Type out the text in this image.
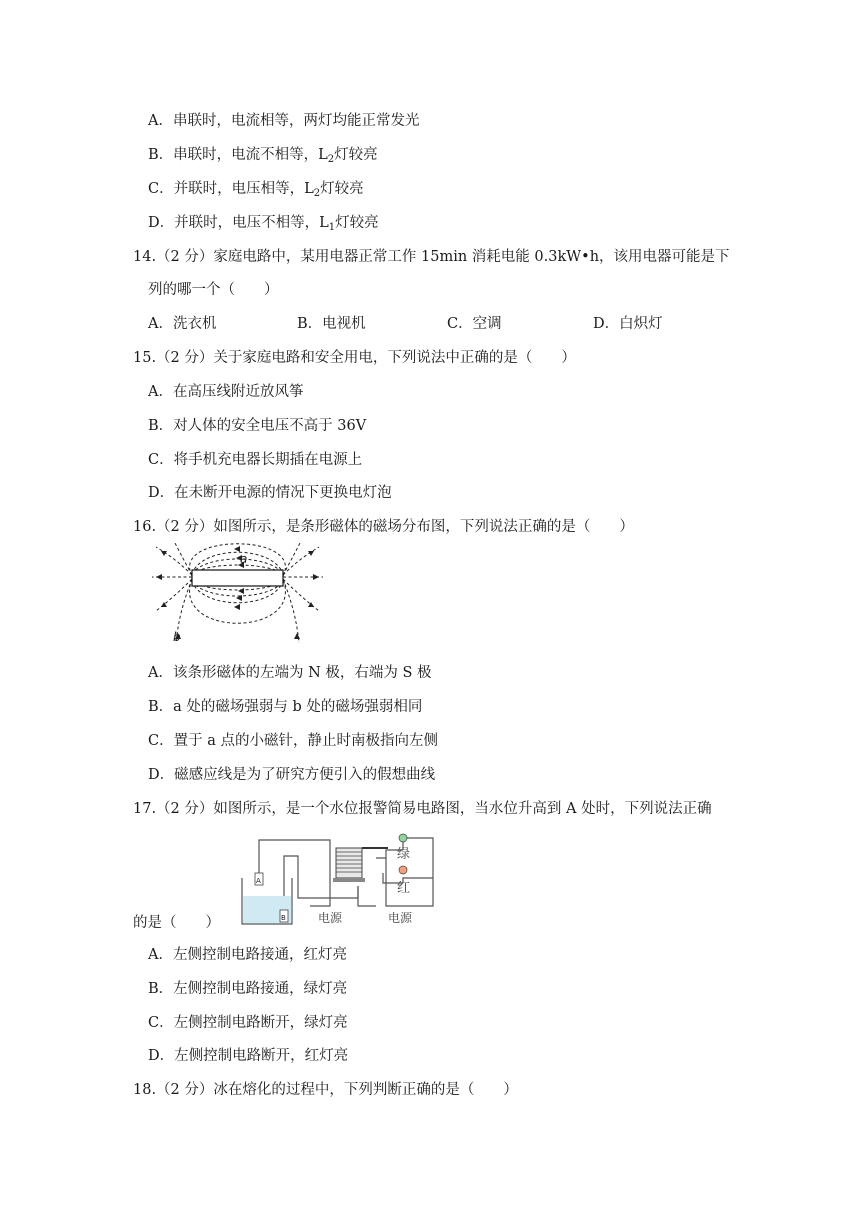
A．串联时，电流相等，两灯均能正常发光
B．串联时，电流不相等，$L_2$灯较亮
C．并联时，电压相等，$L_2$灯较亮
D．并联时，电压不相等，$L_1$灯较亮
14.（2 分）家庭电路中，某用电器正常工作 15min 消耗电能 0.3kW•h，该用电器可能是下
列的哪一个（　　）
A．洗衣机	B．电视机	C．空调	D．白炽灯
15.（2 分）关于家庭电路和安全用电，下列说法中正确的是（　　）
A．在高压线附近放风筝
B．对人体的安全电压不高于 36V
C．将手机充电器长期插在电源上
D．在未断开电源的情况下更换电灯泡
16.（2 分）如图所示，是条形磁体的磁场分布图，下列说法正确的是（　　）
a
b
A．该条形磁体的左端为 N 极，右端为 S 极
B．a 处的磁场强弱与 b 处的磁场强弱相同
C．置于 a 点的小磁针，静止时南极指向左侧
D．磁感应线是为了研究方便引入的假想曲线
17.（2 分）如图所示，是一个水位报警简易电路图，当水位升高到 A 处时，下列说法正确
A
B
绿
红
电源	电源
的是（　　）
A．左侧控制电路接通，红灯亮
B．左侧控制电路接通，绿灯亮
C．左侧控制电路断开，绿灯亮
D．左侧控制电路断开，红灯亮
18.（2 分）冰在熔化的过程中，下列判断正确的是（　　）
